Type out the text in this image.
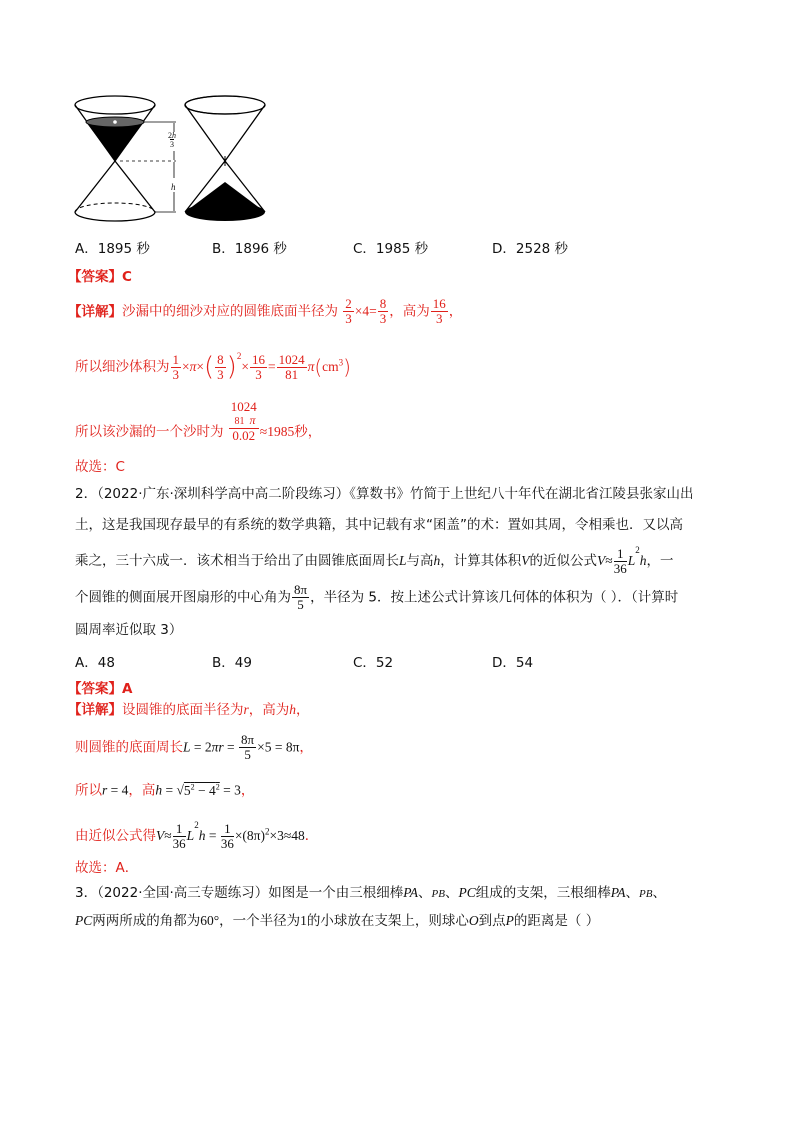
2h
3
h
A．1895 秒	B．1896 秒	C．1985 秒	D．2528 秒
【答案】C
【详解】沙漏中的细沙对应的圆锥底面半径为 $\frac{2}{3} \times 4= \frac{8}{3}$ ，高为 $\frac{16}{3}$ ，
所以细沙体积为 $\frac{1}{3} \times\pi\times( \frac{8}{3} )^2\times \frac{16}{3} = \frac{1024}{81} \pi(cm^3)$
所以该沙漏的一个沙时为
1024
81  π
0.02 ≈1985秒，
故选：C
2．（2022·广东·深圳科学高中高二阶段练习）《算数书》竹简于上世纪八十年代在湖北省江陵县张家山出
土，这是我国现存最早的有系统的数学典籍，其中记载有求“囷盖”的术：置如其周，令相乘也．又以高
乘之，三十六成一．该术相当于给出了由圆锥底面周长L与高h，计算其体积V的近似公式$V\approx \frac{1}{36} L^2h$，一
个圆锥的侧面展开图扇形的中心角为 $\frac{8\pi}{5}$ ，半径为 5．按上述公式计算该几何体的体积为（ ）．（计算时
圆周率近似取 3）
A．48	B．49	C．52	D．54
【答案】A
【详解】设圆锥的底面半径为r，高为h，
则圆锥的底面周长$L = 2\pi r = \frac{8\pi}{5} \times 5 = 8\pi$，
所以r = 4，高$h = √5^2 - 4^2 = 3$，
由近似公式得$V\approx \frac{1}{36} L^2h = \frac{1}{36} \times(8\pi)^2\times 3\approx 48$．
故选：A．
3．（2022·全国·高三专题练习）如图是一个由三根细棒PA、PB、PC组成的支架，三根细棒PA、PB、
PC两两所成的角都为60°，一个半径为1的小球放在支架上，则球心O到点P的距离是（ ）
